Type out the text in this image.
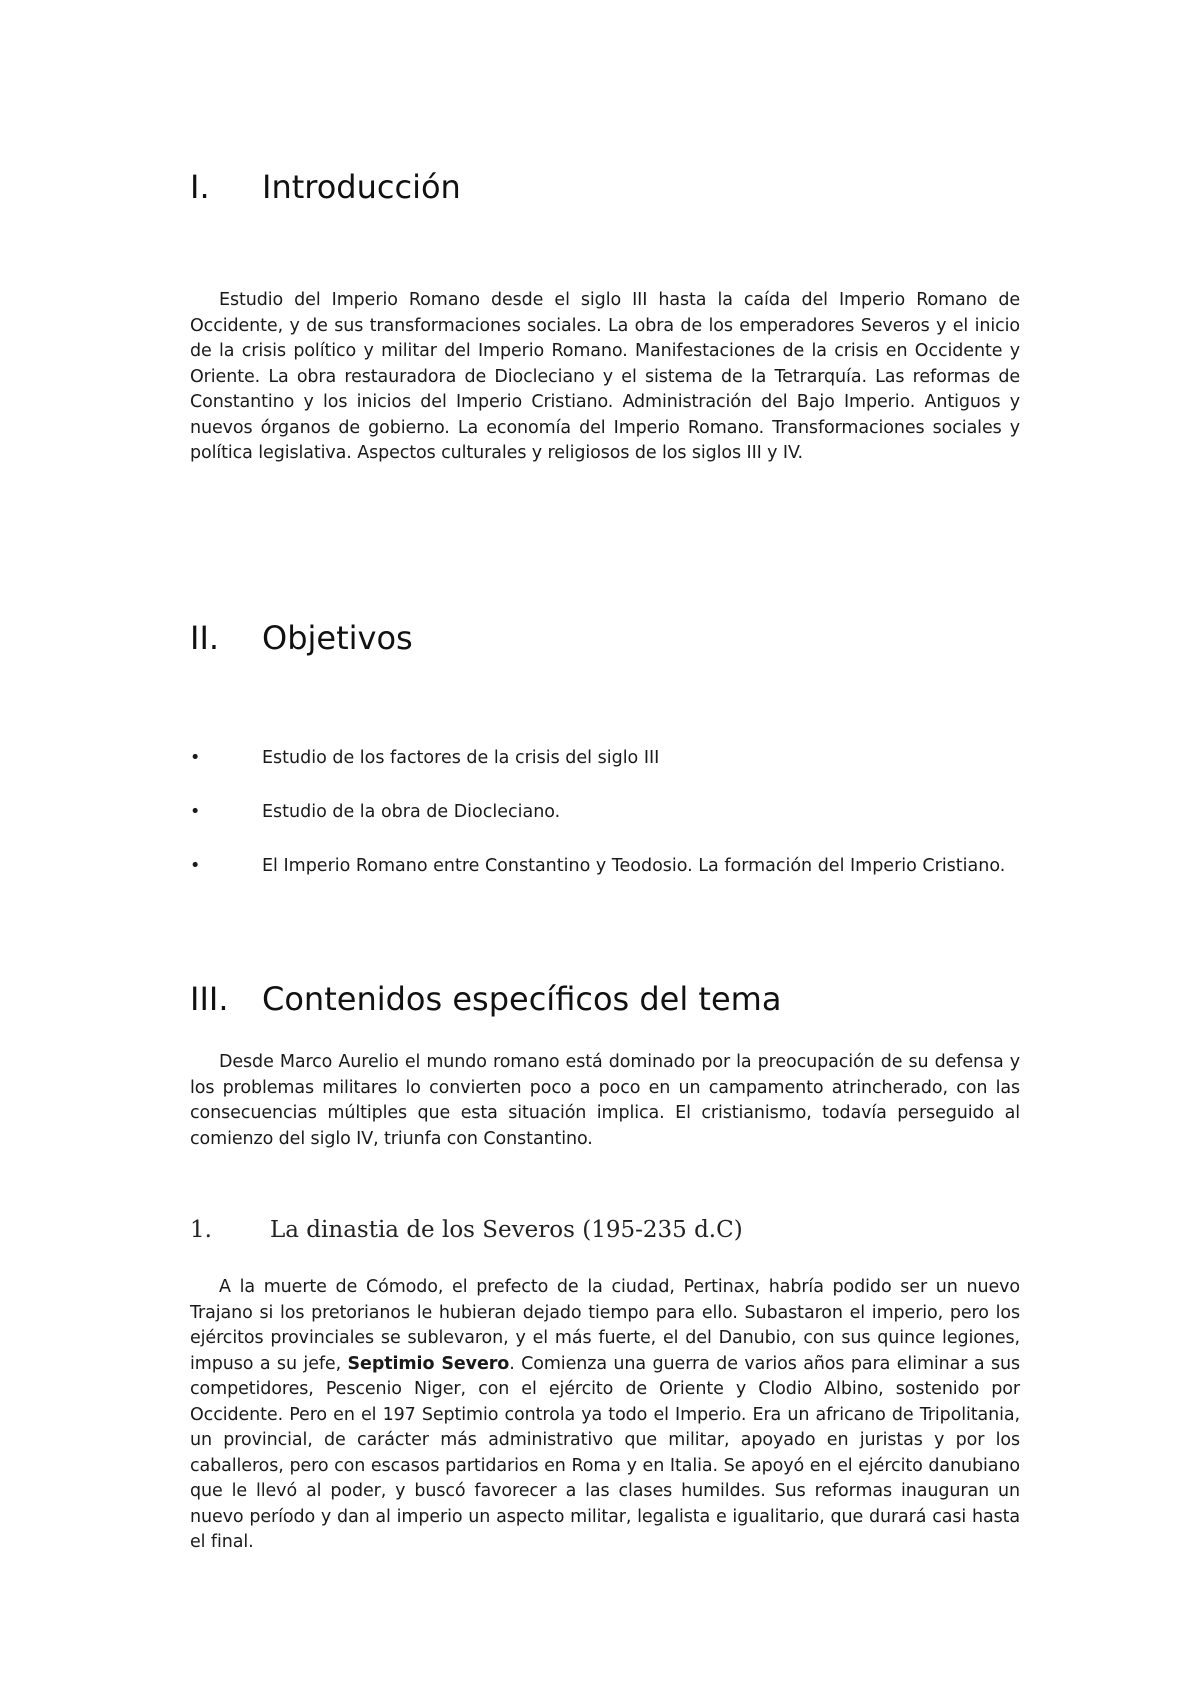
I. Introducción

Estudio del Imperio Romano desde el siglo III hasta la caída del Imperio Romano de Occidente, y de sus transformaciones sociales. La obra de los emperadores Severos y el inicio de la crisis político y militar del Imperio Romano. Manifestaciones de la crisis en Occidente y Oriente. La obra restauradora de Diocleciano y el sistema de la Tetrarquía. Las reformas de Constantino y los inicios del Imperio Cristiano. Administración del Bajo Imperio. Antiguos y nuevos órganos de gobierno. La economía del Imperio Romano. Transformaciones sociales y política legislativa. Aspectos culturales y religiosos de los siglos III y IV.

II. Objetivos

•	Estudio de los factores de la crisis del siglo III

•	Estudio de la obra de Diocleciano.

•	El Imperio Romano entre Constantino y Teodosio. La formación del Imperio Cristiano.

III. Contenidos específicos del tema

Desde Marco Aurelio el mundo romano está dominado por la preocupación de su defensa y los problemas militares lo convierten poco a poco en un campamento atrincherado, con las consecuencias múltiples que esta situación implica. El cristianismo, todavía perseguido al comienzo del siglo IV, triunfa con Constantino.

1.	La dinastia de los Severos (195-235 d.C)

A la muerte de Cómodo, el prefecto de la ciudad, Pertinax, habría podido ser un nuevo Trajano si los pretorianos le hubieran dejado tiempo para ello. Subastaron el imperio, pero los ejércitos provinciales se sublevaron, y el más fuerte, el del Danubio, con sus quince legiones, impuso a su jefe, Septimio Severo. Comienza una guerra de varios años para eliminar a sus competidores, Pescenio Niger, con el ejército de Oriente y Clodio Albino, sostenido por Occidente. Pero en el 197 Septimio controla ya todo el Imperio. Era un africano de Tripolitania, un provincial, de carácter más administrativo que militar, apoyado en juristas y por los caballeros, pero con escasos partidarios en Roma y en Italia. Se apoyó en el ejército danubiano que le llevó al poder, y buscó favorecer a las clases humildes. Sus reformas inauguran un nuevo período y dan al imperio un aspecto militar, legalista e igualitario, que durará casi hasta el final.
